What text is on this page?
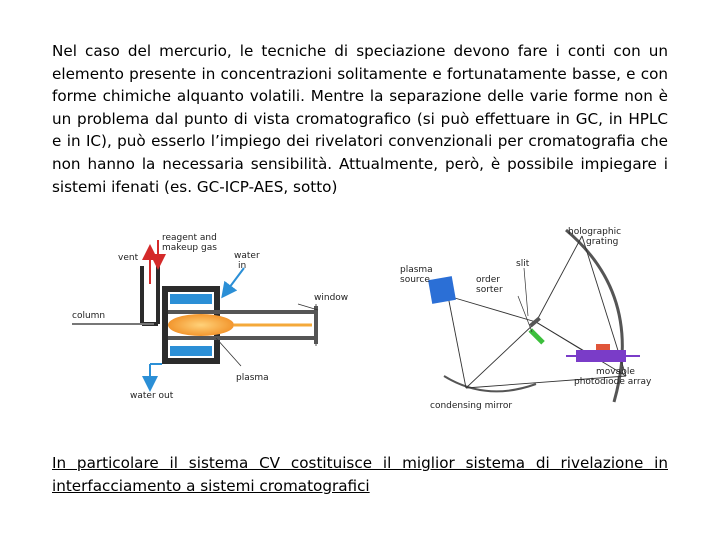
Nel caso del mercurio, le tecniche di speciazione devono fare i conti con un elemento presente in concentrazioni solitamente e fortunatamente basse, e con forme chimiche alquanto volatili. Mentre la separazione delle varie forme non è un problema dal punto di vista cromatografico (si può effettuare in GC, in HPLC e in IC), può esserlo l’impiego dei rivelatori convenzionali per cromatografia che non hanno la necessaria sensibilità. Attualmente, però, è possibile impiegare i sistemi ifenati (es. GC-ICP-AES, sotto)

vent
reagent and
makeup gas
water
in
window
column
plasma
water out
holographic
grating
plasma
source
slit
order
sorter
movable
photodiode array
condensing mirror

In particolare il sistema CV costituisce il miglior sistema di rivelazione in interfacciamento a sistemi cromatografici
